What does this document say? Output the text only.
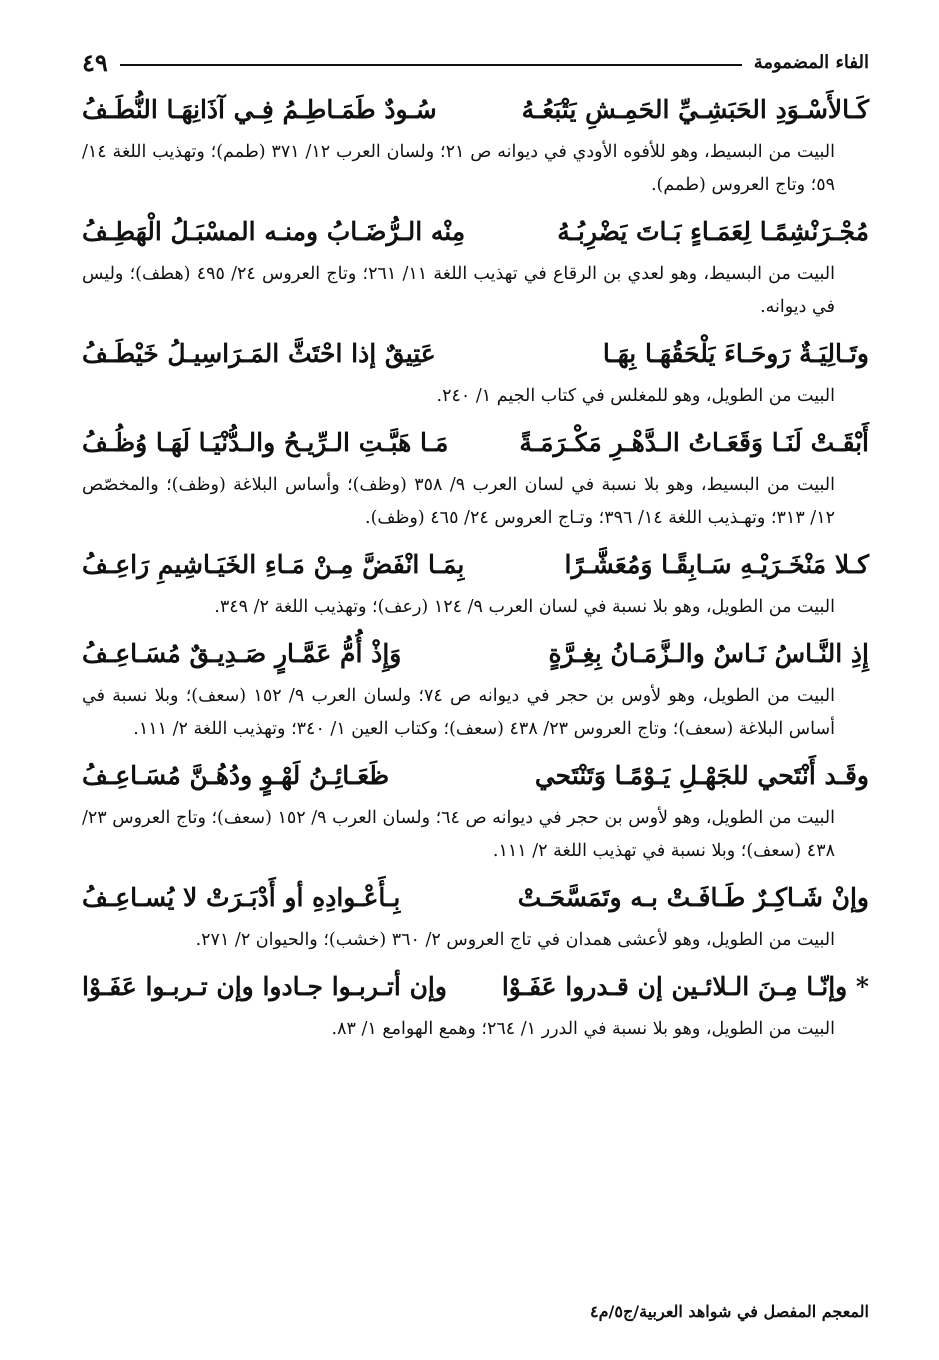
الفاء المضمومة
٤٩
كَـالأَسْـوَدِ الحَبَشِـيِّ الحَمِـشِ يَتْبَعُـهُ
سُـودٌ طَمَـاطِـمُ فِـي آذَانِهَـا النُّطَـفُ
البيت من البسيط، وهو للأفوه الأودي في ديوانه ص ٢١؛ ولسان العرب ١٢/ ٣٧١ (طمم)؛ وتهذيب اللغة ١٤/ ٥٩؛ وتاج العروس (طمم).
مُجْـرَنْشِمًـا لِعَمَـاءٍ بَـاتَ يَضْرِبُـهُ
مِنْه الـرُّضَـابُ ومنـه المسْبَـلُ الْهَطِـفُ
البيت من البسيط، وهو لعدي بن الرقاع في تهذيب اللغة ١١/ ٢٦١؛ وتاج العروس ٢٤/ ٤٩٥ (هطف)؛ وليس في ديوانه.
وتَـالِيَـةٌ رَوحَـاءَ يَلْحَقُهَـا بِهَـا
عَتِيقٌ إذا احْتَثَّ المَـرَاسِيـلُ خَيْطَـفُ
البيت من الطويل، وهو للمغلس في كتاب الجيم ١/ ٢٤٠.
أَبْقَـتْ لَنَـا وَقَعَـاتُ الـدَّهْـرِ مَكْـرَمَـةً
مَـا هَبَّـتِ الـرِّيـحُ والـدُّنْيَـا لَهَـا وُظُـفُ
البيت من البسيط، وهو بلا نسبة في لسان العرب ٩/ ٣٥٨ (وظف)؛ وأساس البلاغة (وظف)؛ والمخصّص ١٢/ ٣١٣؛ وتهـذيب اللغة ١٤/ ٣٩٦؛ وتـاج العروس ٢٤/ ٤٦٥ (وظف).
كـلا مَنْخَـرَيْـهِ سَـابِقًـا وَمُعَشَّـرًا
بِمَـا انْفَضَّ مِـنْ مَـاءِ الخَيَـاشِيمِ رَاعِـفُ
البيت من الطويل، وهو بلا نسبة في لسان العرب ٩/ ١٢٤ (رعف)؛ وتهذيب اللغة ٢/ ٣٤٩.
إِذِ النَّـاسُ نَـاسٌ والـزَّمَـانُ بِغِـرَّةٍ
وَإِذْ أُمُّ عَمَّـارٍ صَـدِيـقٌ مُسَـاعِـفُ
البيت من الطويل، وهو لأوس بن حجر في ديوانه ص ٧٤؛ ولسان العرب ٩/ ١٥٢ (سعف)؛ وبلا نسبة في أساس البلاغة (سعف)؛ وتاج العروس ٢٣/ ٤٣٨ (سعف)؛ وكتاب العين ١/ ٣٤٠؛ وتهذيب اللغة ٢/ ١١١.
وقَـد أَنْتَحي للجَهْـلِ يَـوْمًـا وَتَنْتَحي
ظَعَـائِـنُ لَهْـوٍ ودُهُـنَّ مُسَـاعِـفُ
البيت من الطويل، وهو لأوس بن حجر في ديوانه ص ٦٤؛ ولسان العرب ٩/ ١٥٢ (سعف)؛ وتاج العروس ٢٣/ ٤٣٨ (سعف)؛ وبلا نسبة في تهذيب اللغة ٢/ ١١١.
وإنْ شَـاكِـرٌ طَـافَـتْ بـه وتَمَسَّحَـتْ
بِـأَعْـوادِهِ أو أَدْبَـرَتْ لا يُسـاعِـفُ
البيت من الطويل، وهو لأعشى همدان في تاج العروس ٢/ ٣٦٠ (خشب)؛ والحيوان ٢/ ٢٧١.
* وإنّـا مِـنَ الـلائـين إن قـدروا عَفَـوْا
وإن أتـربـوا جـادوا وإن تـربـوا عَفَـوْا
البيت من الطويل، وهو بلا نسبة في الدرر ١/ ٢٦٤؛ وهمع الهوامع ١/ ٨٣.
المعجم المفصل في شواهد العربية/ج٥/م٤
